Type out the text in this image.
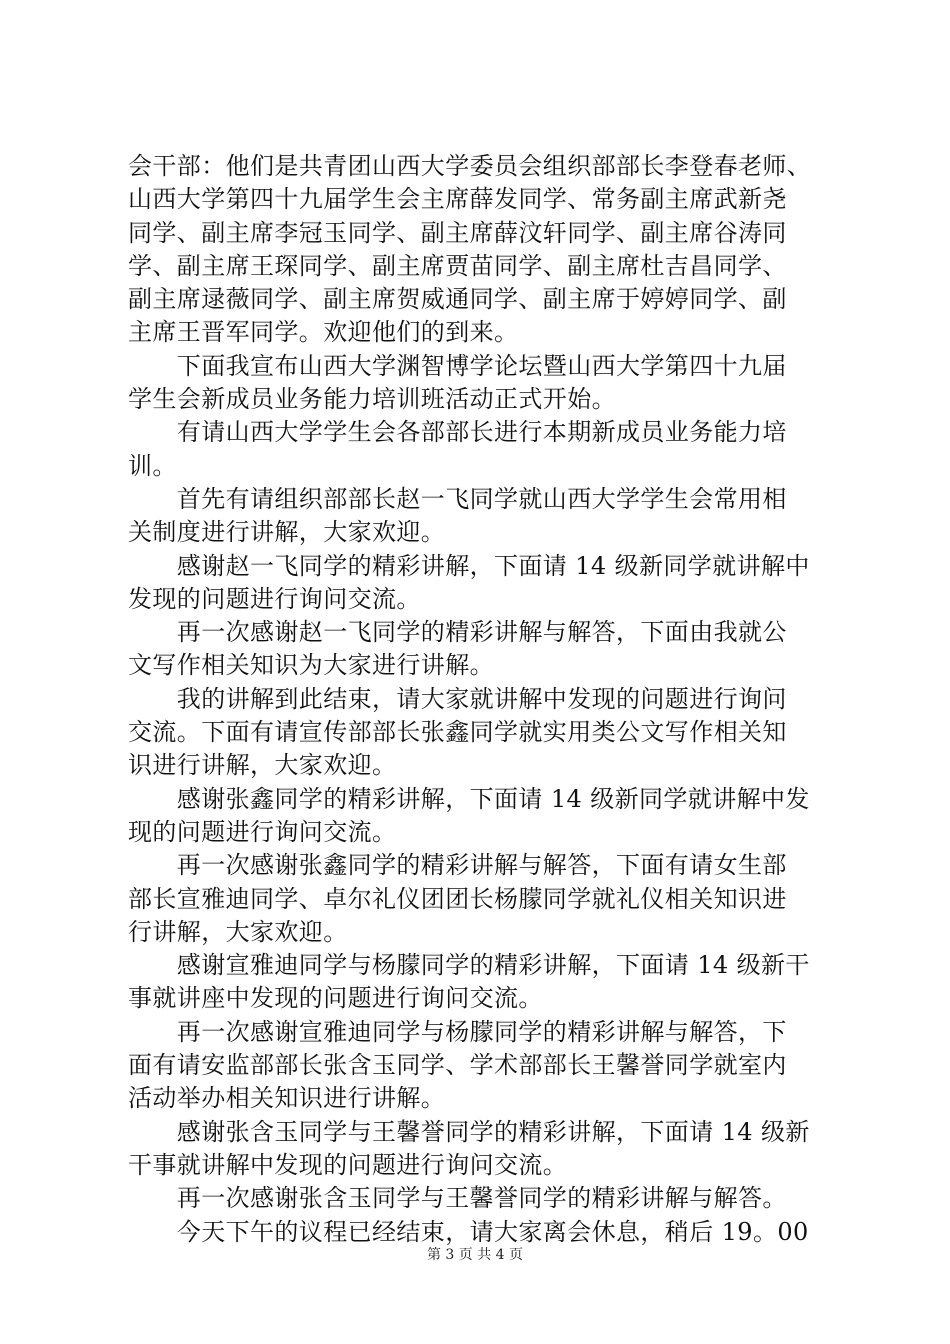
会干部：他们是共青团山西大学委员会组织部部长李登春老师、
山西大学第四十九届学生会主席薛发同学、常务副主席武新尧
同学、副主席李冠玉同学、副主席薛汶轩同学、副主席谷涛同
学、副主席王琛同学、副主席贾苗同学、副主席杜吉昌同学、
副主席逯薇同学、副主席贺威通同学、副主席于婷婷同学、副
主席王晋军同学。欢迎他们的到来。

　　下面我宣布山西大学渊智博学论坛暨山西大学第四十九届
学生会新成员业务能力培训班活动正式开始。

　　有请山西大学学生会各部部长进行本期新成员业务能力培
训。

　　首先有请组织部部长赵一飞同学就山西大学学生会常用相
关制度进行讲解，大家欢迎。

　　感谢赵一飞同学的精彩讲解，下面请 14 级新同学就讲解中
发现的问题进行询问交流。

　　再一次感谢赵一飞同学的精彩讲解与解答，下面由我就公
文写作相关知识为大家进行讲解。

　　我的讲解到此结束，请大家就讲解中发现的问题进行询问
交流。下面有请宣传部部长张鑫同学就实用类公文写作相关知
识进行讲解，大家欢迎。

　　感谢张鑫同学的精彩讲解，下面请 14 级新同学就讲解中发
现的问题进行询问交流。

　　再一次感谢张鑫同学的精彩讲解与解答，下面有请女生部
部长宣雅迪同学、卓尔礼仪团团长杨朦同学就礼仪相关知识进
行讲解，大家欢迎。

　　感谢宣雅迪同学与杨朦同学的精彩讲解，下面请 14 级新干
事就讲座中发现的问题进行询问交流。

　　再一次感谢宣雅迪同学与杨朦同学的精彩讲解与解答，下
面有请安监部部长张含玉同学、学术部部长王馨誉同学就室内
活动举办相关知识进行讲解。

　　感谢张含玉同学与王馨誉同学的精彩讲解，下面请 14 级新
干事就讲解中发现的问题进行询问交流。

　　再一次感谢张含玉同学与王馨誉同学的精彩讲解与解答。

　　今天下午的议程已经结束，请大家离会休息，稍后 19。00

第 3 页 共 4 页
